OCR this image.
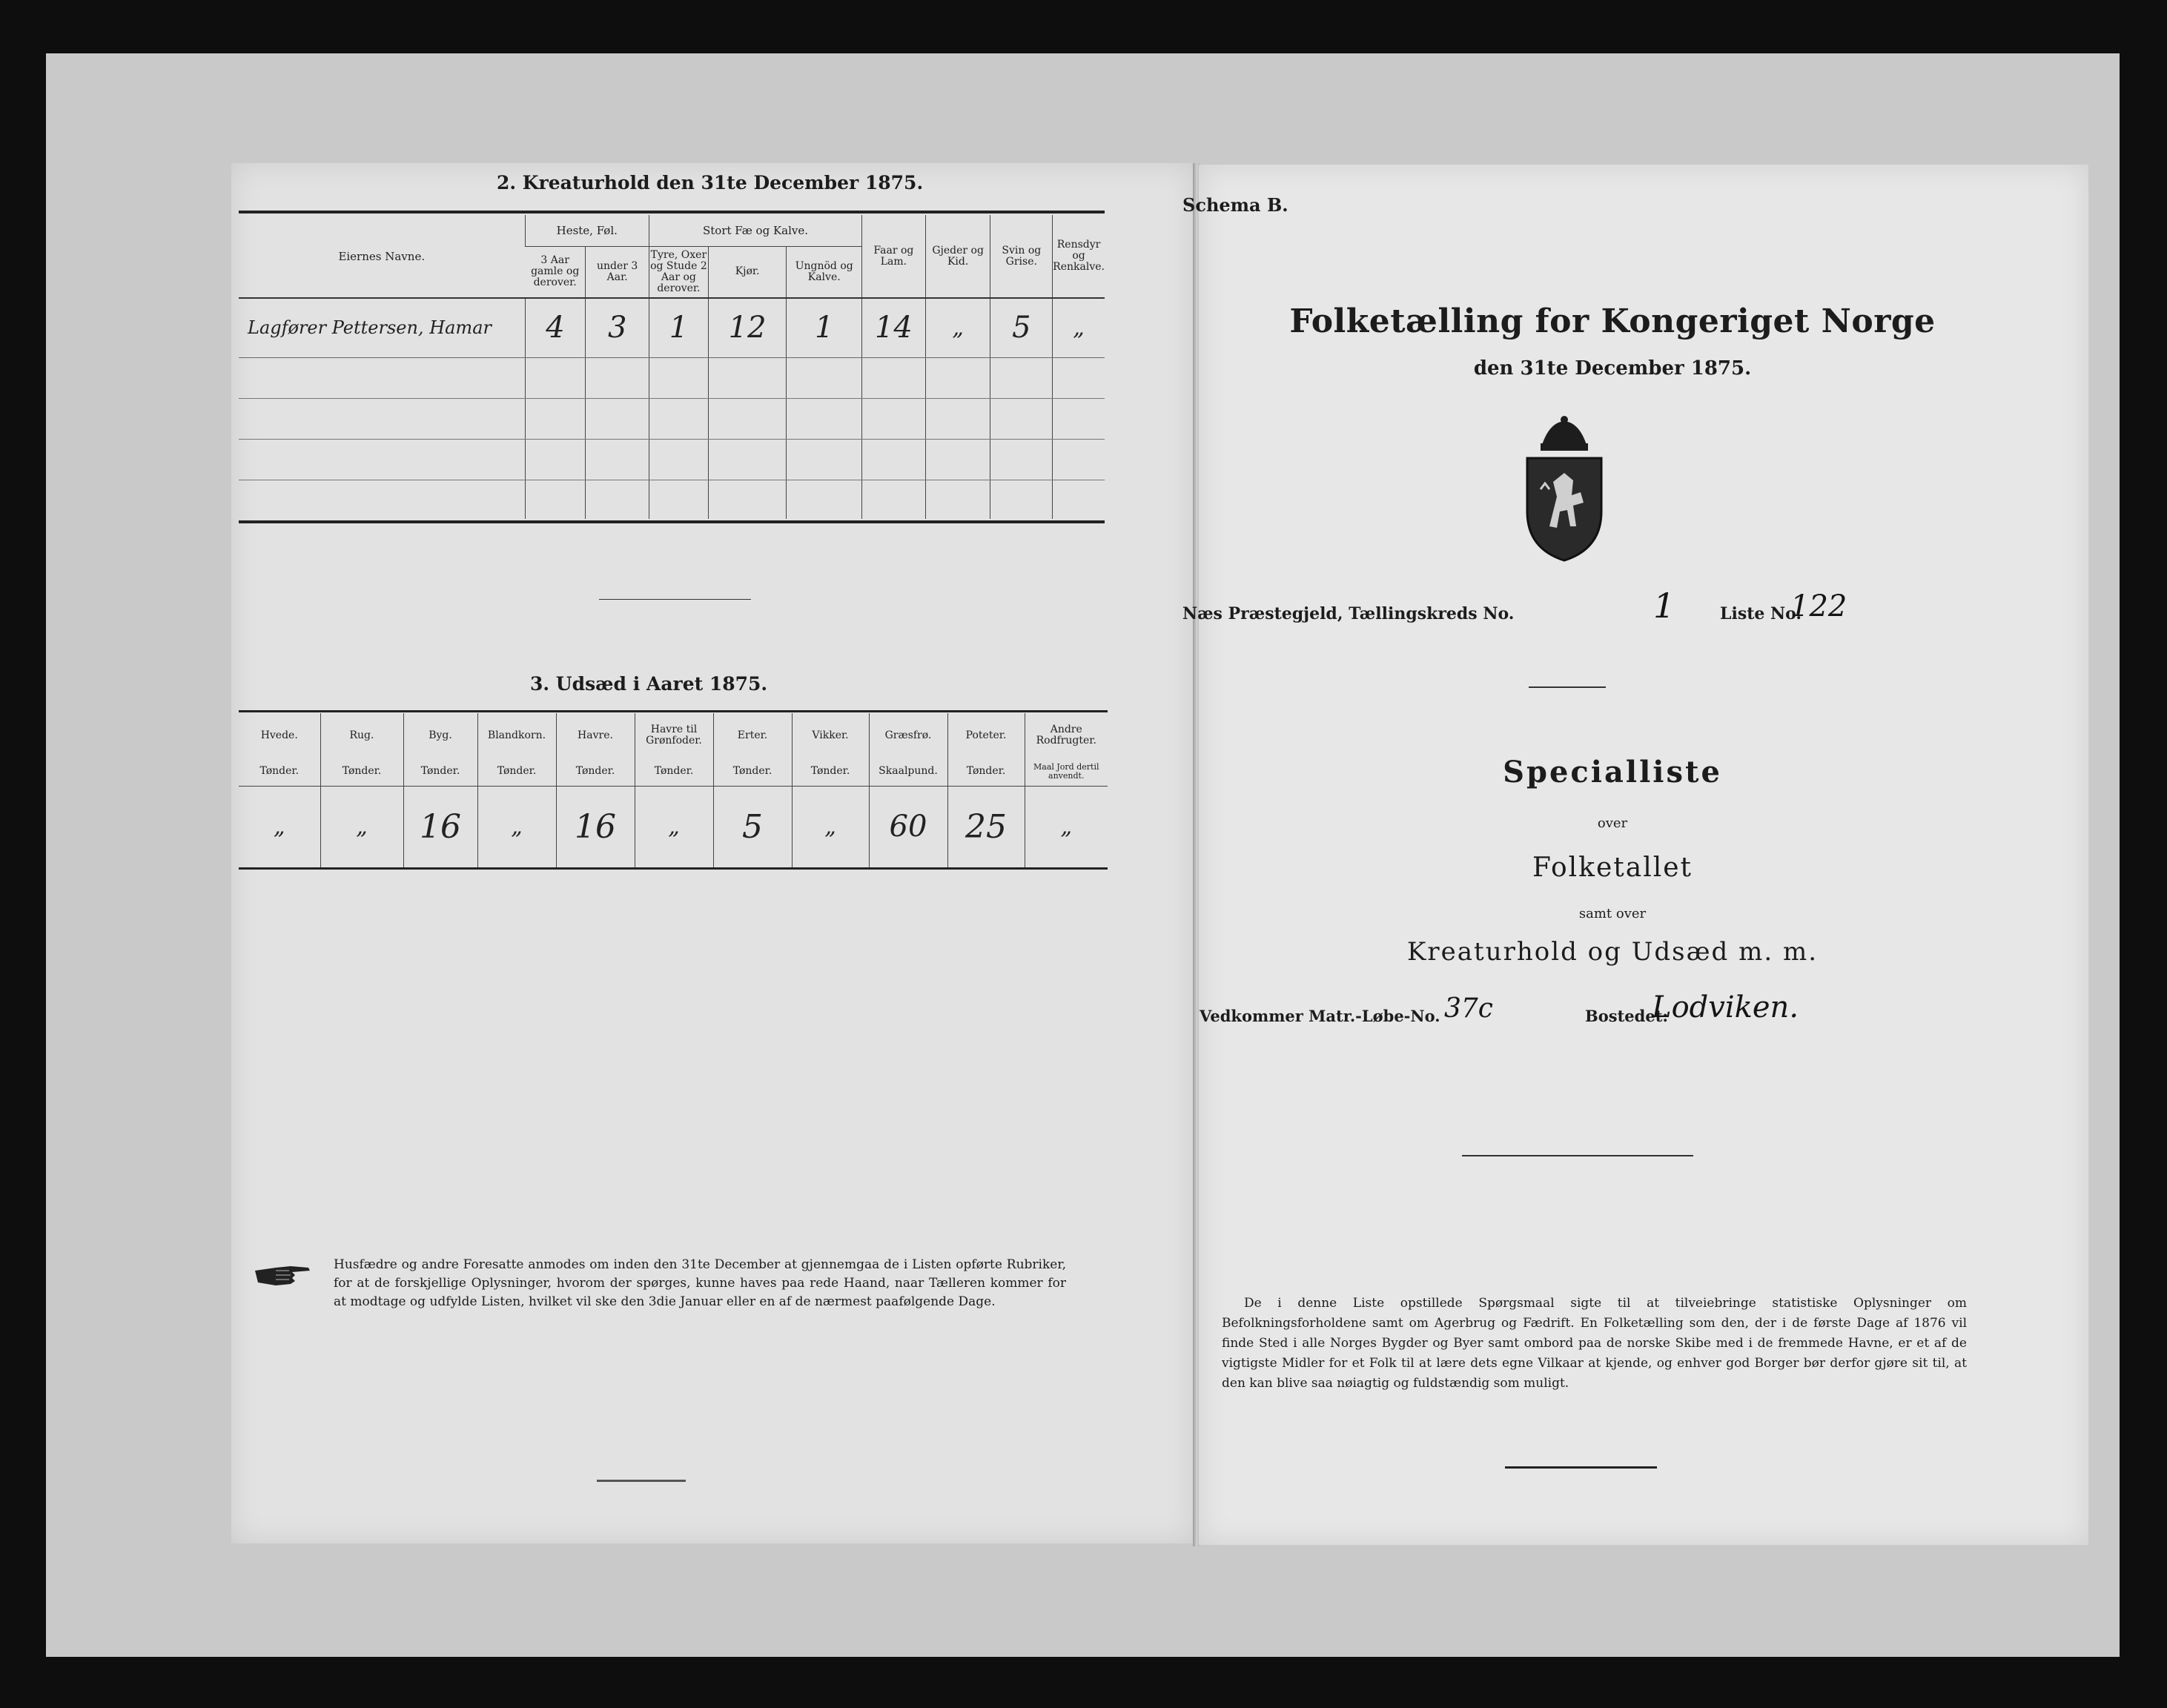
2. Kreaturhold den 31te December 1875.
Eiernes Navne.	Heste, Føl.		Stort Fæ og Kalve.			Faar og Lam.	Gjeder og Kid.	Svin og Grise.	Rensdyr og Renkalve.
	3 Aar gamle og derover.	under 3 Aar.	Tyre, Oxer og Stude 2 Aar og derover.	Kjør.	Ungnöd og Kalve.				
Lagfører Pettersen, Hamar	4	3	1	12	1	14	„	5	„

3. Udsæd i Aaret 1875.
Hvede.	Rug.	Byg.	Blandkorn.	Havre.	Havre til Grønfoder.	Erter.	Vikker.	Græsfrø.	Poteter.	Andre Rodfrugter.
Tønder.	Tønder.	Tønder.	Tønder.	Tønder.	Tønder.	Tønder.	Tønder.	Skaalpund.	Tønder.	Maal Jord dertil anvendt.
„	„	16	„	16	„	5	„	60	25	„
Husfædre og andre Foresatte anmodes om inden den 31te December at gjennemgaa de i Listen opførte Rubriker, for at de forskjellige Oplysninger, hvorom der spørges, kunne haves paa rede Haand, naar Tælleren kommer for at modtage og udfylde Listen, hvilket vil ske den 3die Januar eller en af de nærmest paafølgende Dage.
Schema B.
Folketælling for Kongeriget Norge
den 31te December 1875.
Næs Præstegjeld, Tællingskreds No.	1	Liste No.
122
Specialliste
over
Folketallet
samt over
Kreaturhold og Udsæd m. m.
Vedkommer Matr.-Løbe-No. 37c	Bostedet:
Lodviken.
De i denne Liste opstillede Spørgsmaal sigte til at tilveiebringe statistiske Oplysninger om Befolkningsforholdene samt om Agerbrug og Fædrift. En Folketælling som den, der i de første Dage af 1876 vil finde Sted i alle Norges Bygder og Byer samt ombord paa de norske Skibe med i de fremmede Havne, er et af de vigtigste Midler for et Folk til at lære dets egne Vilkaar at kjende, og enhver god Borger bør derfor gjøre sit til, at den kan blive saa nøiagtig og fuldstændig som muligt.
